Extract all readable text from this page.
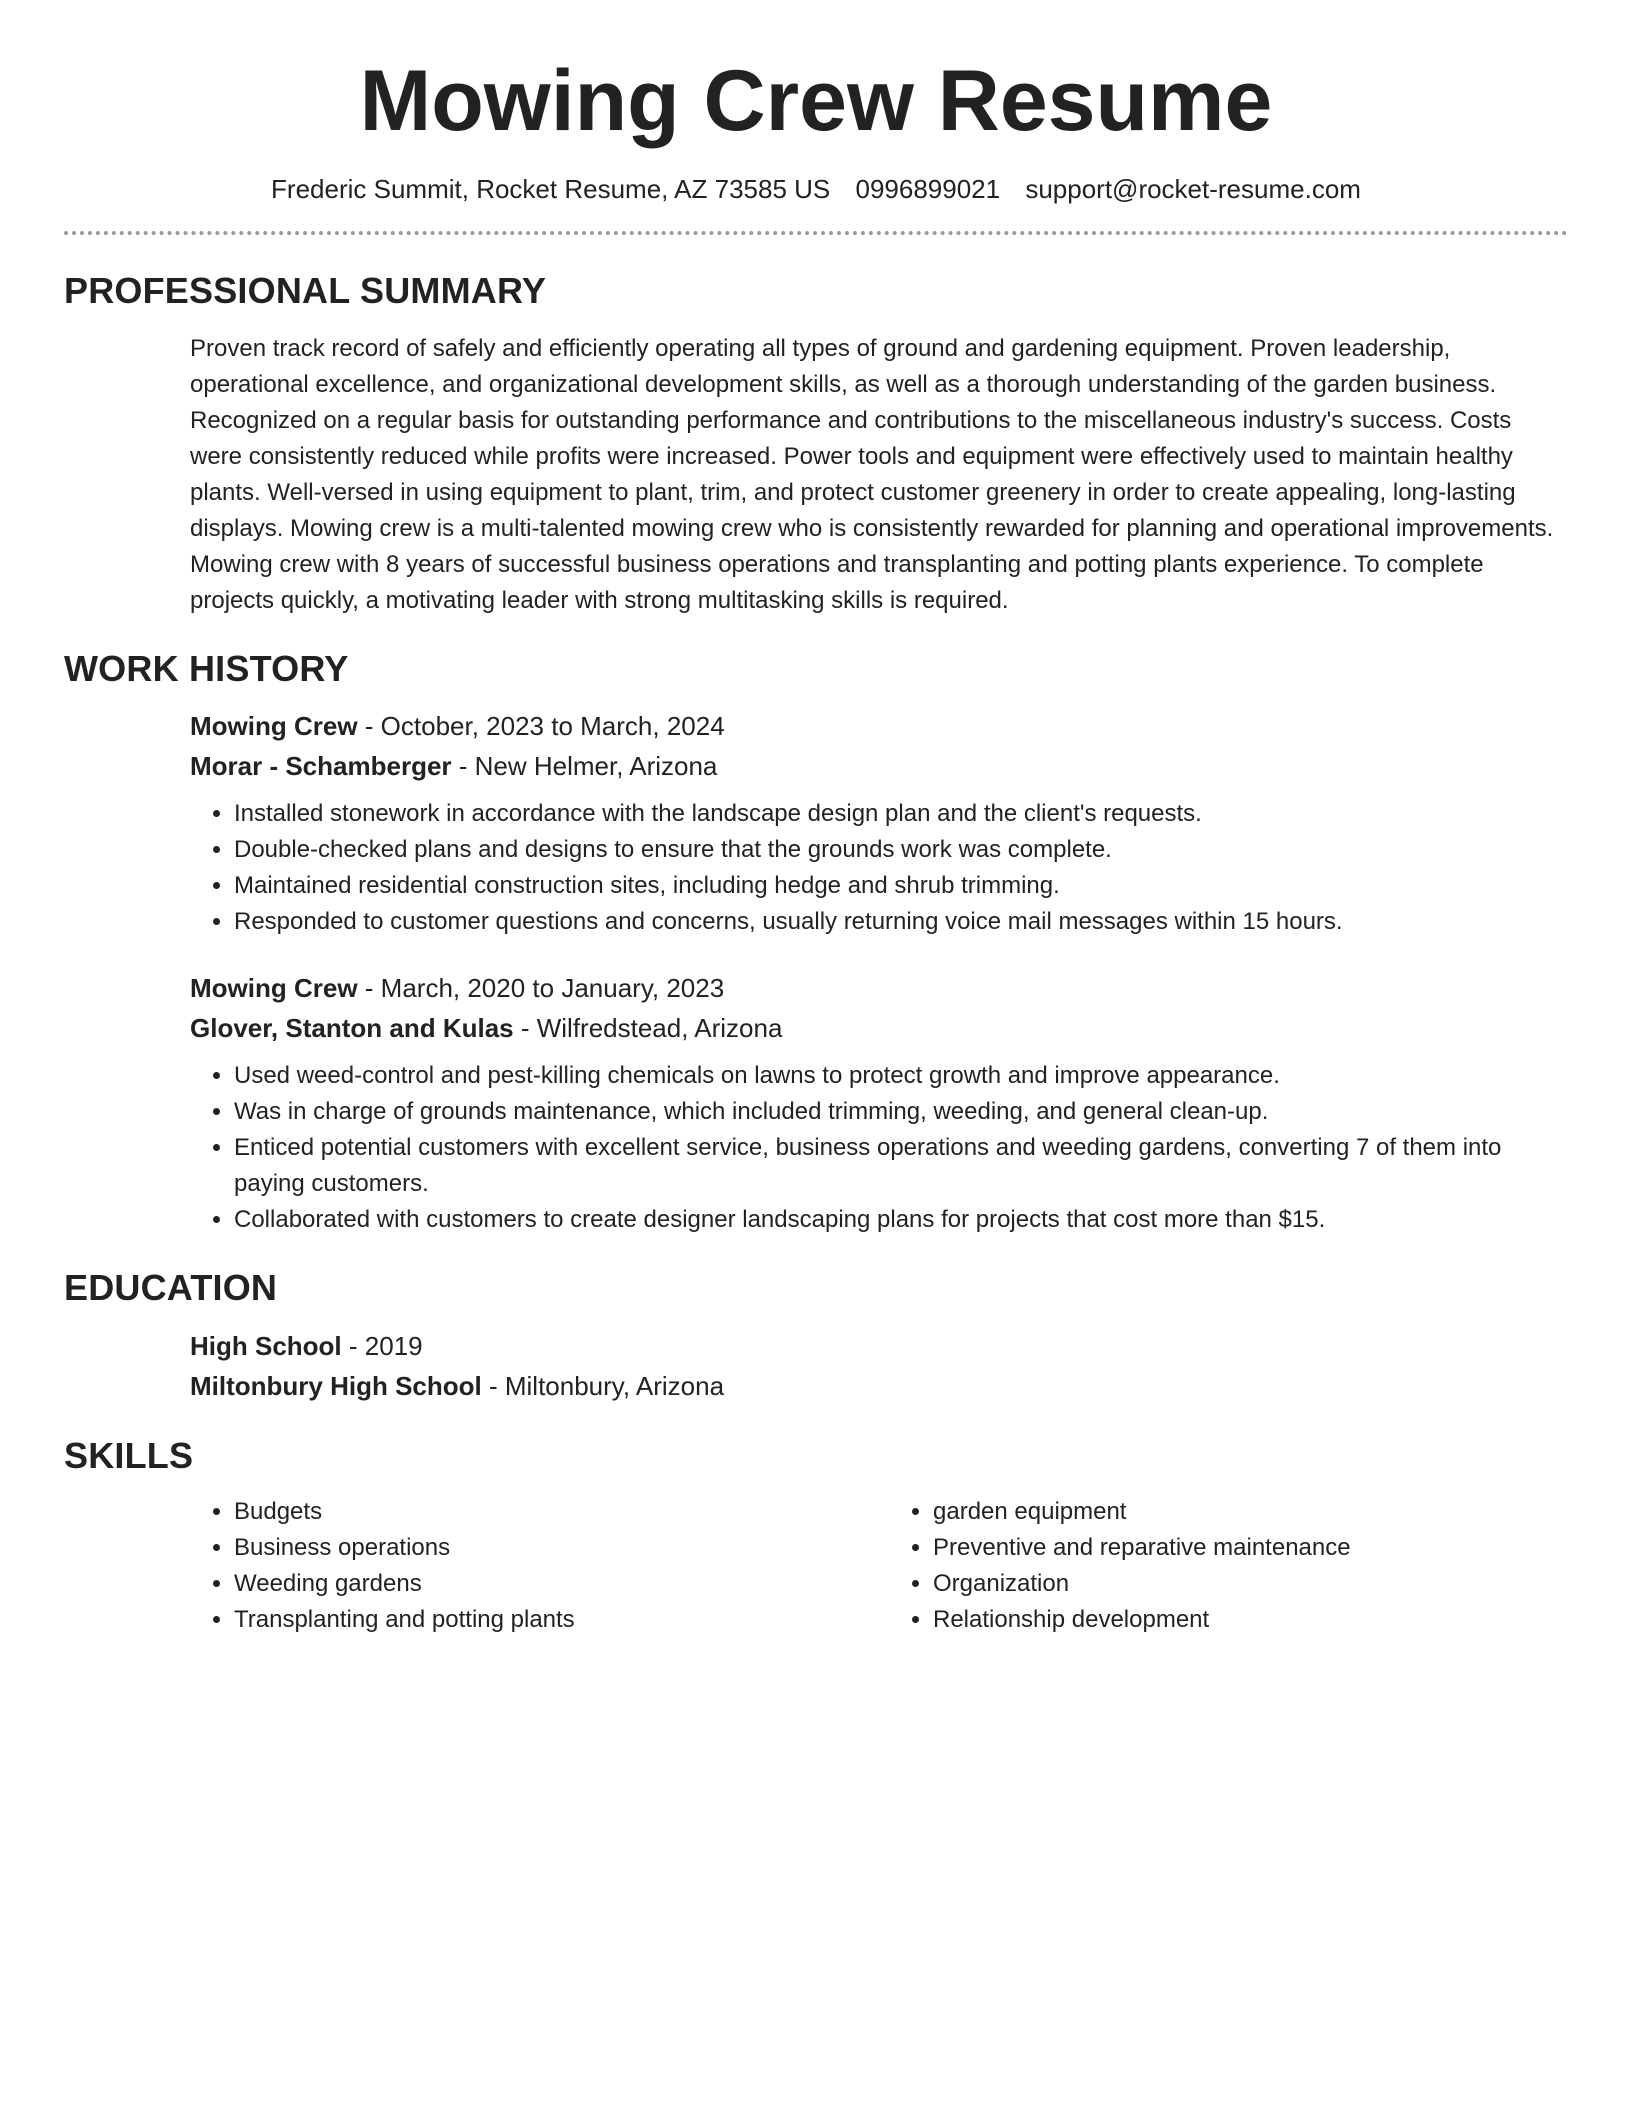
Mowing Crew Resume
Frederic Summit, Rocket Resume, AZ 73585 US 0996899021 support@rocket-resume.com
PROFESSIONAL SUMMARY

Proven track record of safely and efficiently operating all types of ground and gardening equipment. Proven leadership, operational excellence, and organizational development skills, as well as a thorough understanding of the garden business. Recognized on a regular basis for outstanding performance and contributions to the miscellaneous industry's success. Costs were consistently reduced while profits were increased. Power tools and equipment were effectively used to maintain healthy plants. Well-versed in using equipment to plant, trim, and protect customer greenery in order to create appealing, long-lasting displays. Mowing crew is a multi-talented mowing crew who is consistently rewarded for planning and operational improvements. Mowing crew with 8 years of successful business operations and transplanting and potting plants experience. To complete projects quickly, a motivating leader with strong multitasking skills is required.

WORK HISTORY
Mowing Crew - October, 2023 to March, 2024
Morar - Schamberger - New Helmer, Arizona
• Installed stonework in accordance with the landscape design plan and the client's requests.
• Double-checked plans and designs to ensure that the grounds work was complete.
• Maintained residential construction sites, including hedge and shrub trimming.
• Responded to customer questions and concerns, usually returning voice mail messages within 15 hours.
Mowing Crew - March, 2020 to January, 2023
Glover, Stanton and Kulas - Wilfredstead, Arizona
• Used weed-control and pest-killing chemicals on lawns to protect growth and improve appearance.
• Was in charge of grounds maintenance, which included trimming, weeding, and general clean-up.
• Enticed potential customers with excellent service, business operations and weeding gardens, converting 7 of them into paying customers.
• Collaborated with customers to create designer landscaping plans for projects that cost more than $15.
EDUCATION
High School - 2019
Miltonbury High School - Miltonbury, Arizona
SKILLS
• Budgets
• Business operations
• Weeding gardens
• Transplanting and potting plants
• garden equipment
• Preventive and reparative maintenance
• Organization
• Relationship development
